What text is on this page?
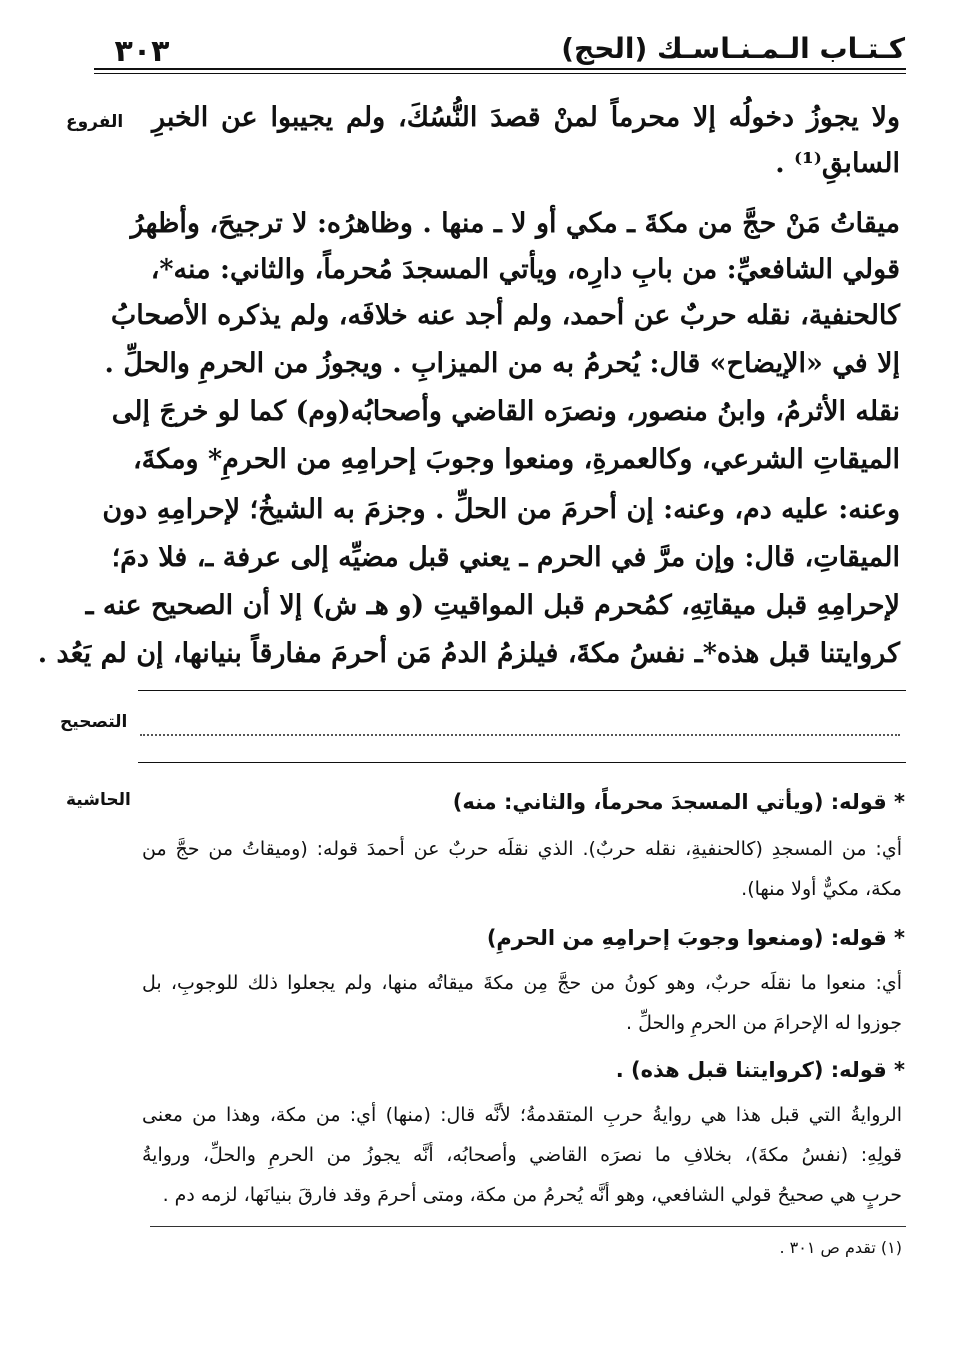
٣٠٣	كـتـاب الـمـنـاسـك (الحج)
الفروع
التصحيح
الحاشية
ولا يجوزُ دخولُه إلا محرماً لمنْ قصدَ النُّسُكَ، ولم يجيبوا عن الخبرِ
السابقِ⁽¹⁾ .
ميقاتُ مَنْ حجَّ من مكةَ ـ مكي أو لا ـ منها . وظاهرُه: لا ترجيحَ، وأظهرُ
قولي الشافعيِّ: من بابِ دارِه، ويأتي المسجدَ مُحرماً، والثاني: منه*،
كالحنفية، نقله حربٌ عن أحمد، ولم أجد عنه خلافَه، ولم يذكره الأصحابُ
إلا في «الإيضاح» قال: يُحرمُ به من الميزابِ . ويجوزُ من الحرمِ والحلِّ .
نقله الأثرمُ، وابنُ منصور، ونصرَه القاضي وأصحابُه(وم) كما لو خرجَ إلى
الميقاتِ الشرعي، وكالعمرةِ، ومنعوا وجوبَ إحرامِهِ من الحرمِ* ومكةَ،
وعنه: عليه دم، وعنه: إن أحرمَ من الحلِّ . وجزمَ به الشيخُ؛ لإحرامِهِ دون
الميقاتِ، قال: وإن مرَّ في الحرم ـ يعني قبل مضيِّه إلى عرفة ـ، فلا دمَ؛
لإحرامِهِ قبل ميقاتِهِ، كمُحرم قبل المواقيتِ (و هـ ش) إلا أن الصحيح عنه ـ
كروايتنا قبل هذه*ـ نفسُ مكةَ، فيلزمُ الدمُ مَن أحرمَ مفارقاً بنيانها، إن لم يَعُد .
* قوله: (ويأتي المسجدَ محرماً، والثاني: منه)
أي: من المسجدِ (كالحنفيةِ، نقله حربٌ). الذي نقلَه حربٌ عن أحمدَ قوله: (وميقاتُ من حجَّ من
مكة، مكيٌّ أولا منها).
* قوله: (ومنعوا وجوبَ إحرامِهِ من الحرمِ)
أي: منعوا ما نقلَه حربٌ، وهو كونُ من حجَّ مِن مكةَ ميقاتُه منها، ولم يجعلوا ذلك للوجوبِ، بل
جوزوا له الإحرامَ من الحرمِ والحلِّ .
* قوله: (كروايتنا قبل هذه) .
الروايةُ التي قبل هذا هي روايةُ حربِ المتقدمةُ؛ لأنَّه قال: (منها) أي: من مكة، وهذا من معنى
قولِهِ: (نفسُ مكةَ)، بخلافِ ما نصرَه القاضي وأصحابُه، أنَّه يجوزُ من الحرمِ والحلِّ، وروايةُ
حربٍ هي صحيحُ قولي الشافعي، وهو أنَّه يُحرمُ من مكة، ومتى أحرمَ وقد فارقَ بنيانَها، لزمه دم .
(١) تقدم ص ٣٠١ .
